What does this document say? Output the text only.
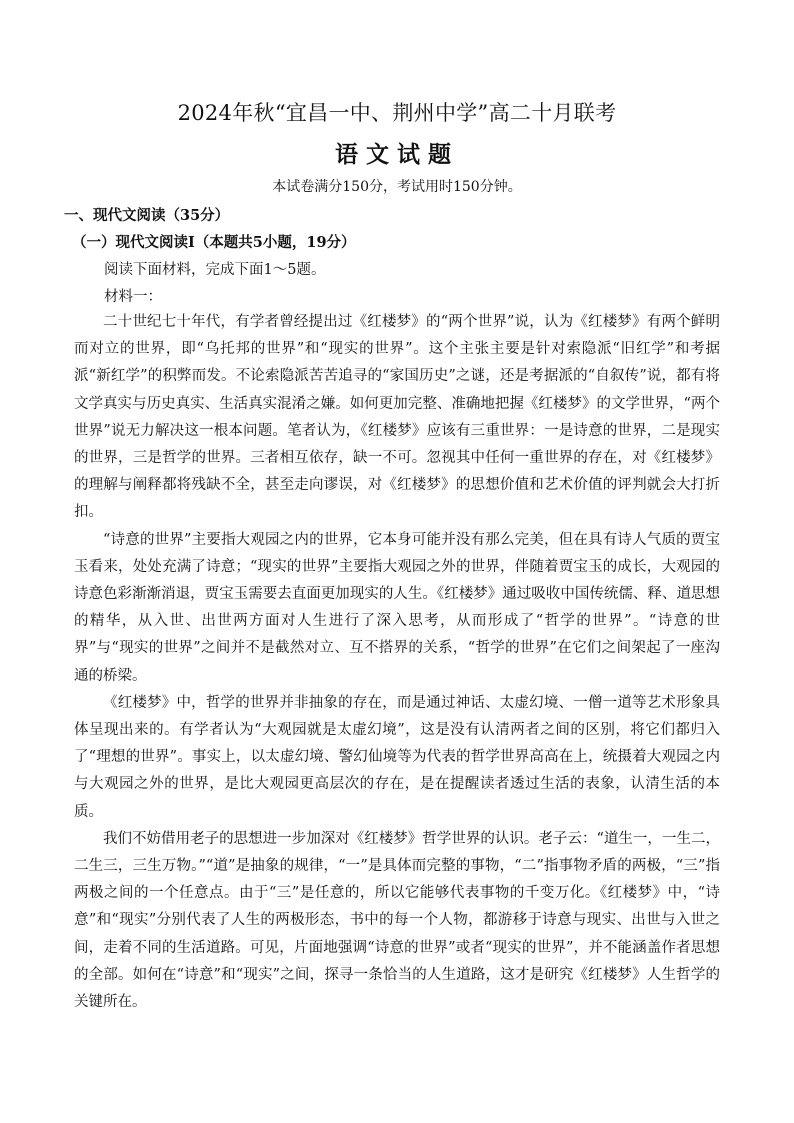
2024年秋“宜昌一中、荆州中学”高二十月联考
语文试题
本试卷满分150分，考试用时150分钟。
一、现代文阅读（35分）
（一）现代文阅读Ⅰ（本题共5小题，19分）
阅读下面材料，完成下面1～5题。
材料一：

二十世纪七十年代，有学者曾经提出过《红楼梦》的“两个世界”说，认为《红楼梦》有两个鲜明而对立的世界，即“乌托邦的世界”和“现实的世界”。这个主张主要是针对索隐派“旧红学”和考据派“新红学”的积弊而发。不论索隐派苦苦追寻的“家国历史”之谜，还是考据派的“自叙传”说，都有将文学真实与历史真实、生活真实混淆之嫌。如何更加完整、准确地把握《红楼梦》的文学世界，“两个世界”说无力解决这一根本问题。笔者认为，《红楼梦》应该有三重世界：一是诗意的世界，二是现实的世界，三是哲学的世界。三者相互依存，缺一不可。忽视其中任何一重世界的存在，对《红楼梦》的理解与阐释都将残缺不全，甚至走向谬误，对《红楼梦》的思想价值和艺术价值的评判就会大打折扣。

“诗意的世界”主要指大观园之内的世界，它本身可能并没有那么完美，但在具有诗人气质的贾宝玉看来，处处充满了诗意；“现实的世界”主要指大观园之外的世界，伴随着贾宝玉的成长，大观园的诗意色彩渐渐消退，贾宝玉需要去直面更加现实的人生。《红楼梦》通过吸收中国传统儒、释、道思想的精华，从入世、出世两方面对人生进行了深入思考，从而形成了“哲学的世界”。“诗意的世界”与“现实的世界”之间并不是截然对立、互不搭界的关系，“哲学的世界”在它们之间架起了一座沟通的桥梁。

《红楼梦》中，哲学的世界并非抽象的存在，而是通过神话、太虚幻境、一僧一道等艺术形象具体呈现出来的。有学者认为“大观园就是太虚幻境”，这是没有认清两者之间的区别，将它们都归入了“理想的世界”。事实上，以太虚幻境、警幻仙境等为代表的哲学世界高高在上，统摄着大观园之内与大观园之外的世界，是比大观园更高层次的存在，是在提醒读者透过生活的表象，认清生活的本质。

我们不妨借用老子的思想进一步加深对《红楼梦》哲学世界的认识。老子云：“道生一，一生二，二生三，三生万物。”“道”是抽象的规律，“一”是具体而完整的事物，“二”指事物矛盾的两极，“三”指两极之间的一个任意点。由于“三”是任意的，所以它能够代表事物的千变万化。《红楼梦》中，“诗意”和“现实”分别代表了人生的两极形态，书中的每一个人物，都游移于诗意与现实、出世与入世之间，走着不同的生活道路。可见，片面地强调“诗意的世界”或者“现实的世界”，并不能涵盖作者思想的全部。如何在“诗意”和“现实”之间，探寻一条恰当的人生道路，这才是研究《红楼梦》人生哲学的关键所在。
